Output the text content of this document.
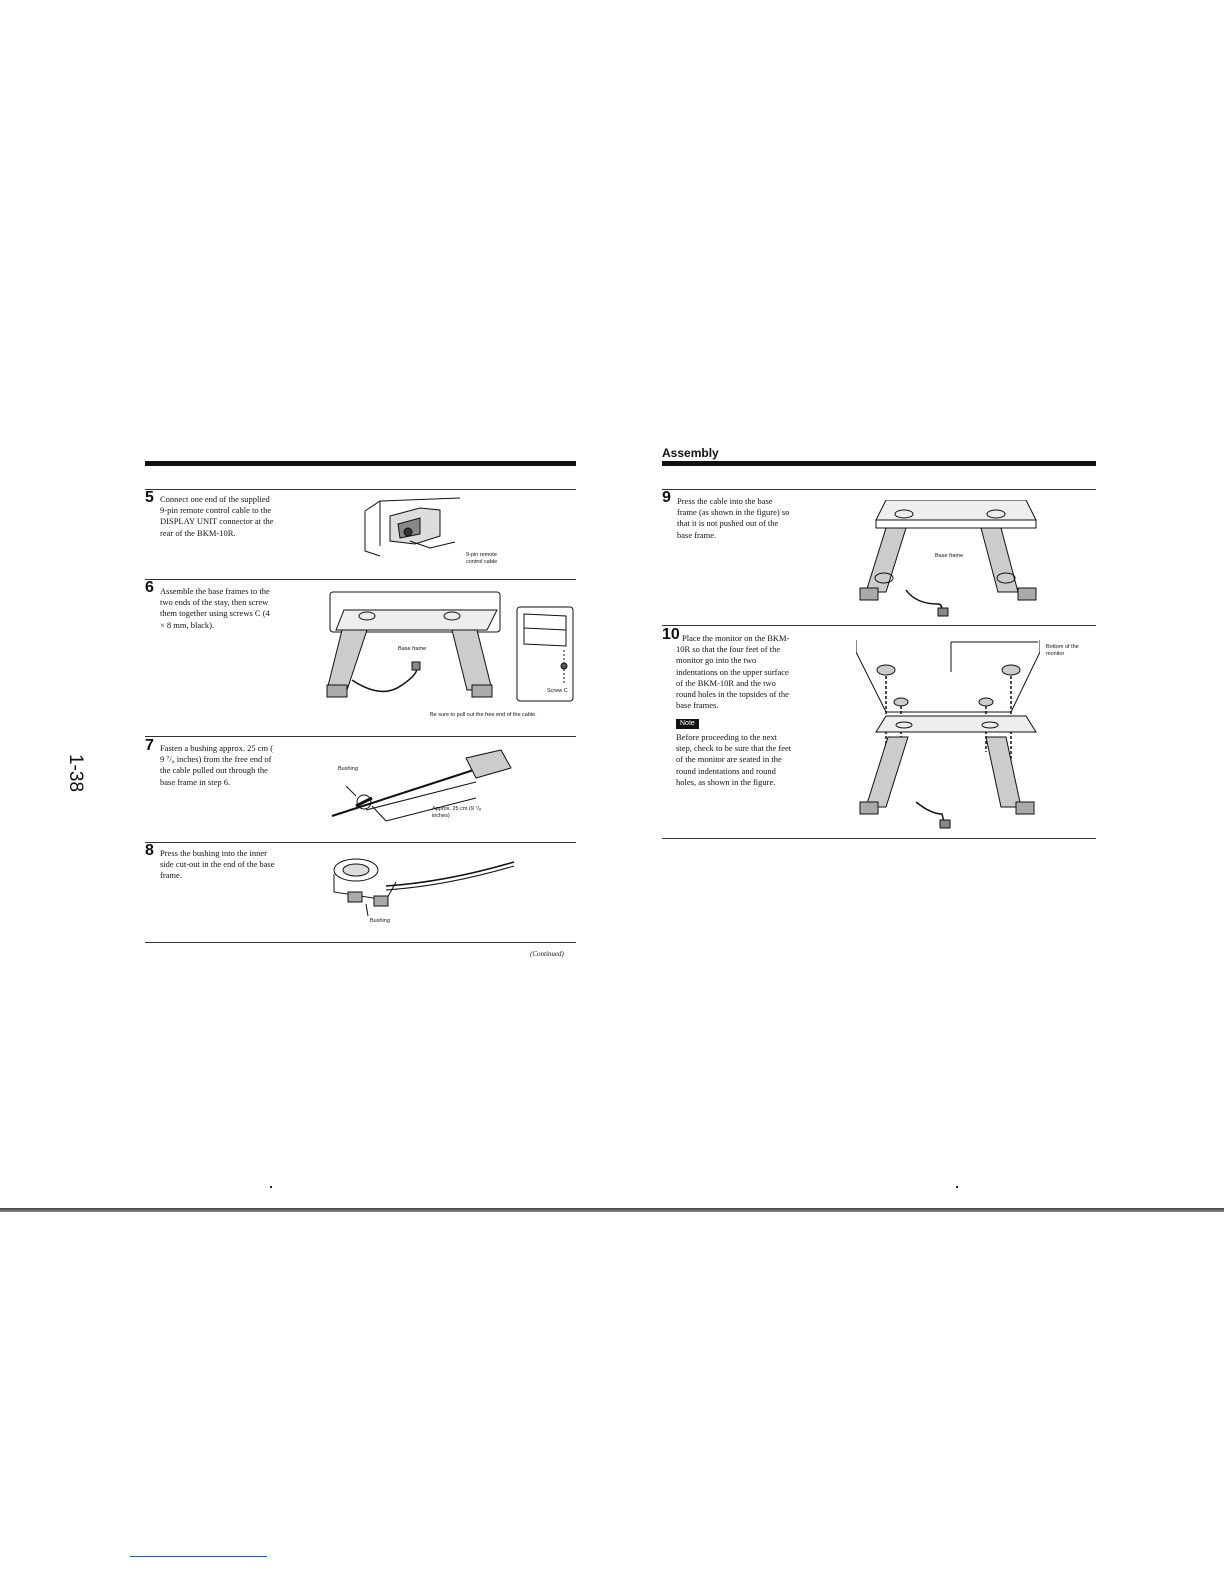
1-38
5 Connect one end of the supplied 9-pin remote control cable to the DISPLAY UNIT connector at the rear of the BKM-10R.
9-pin remote control cable
6 Assemble the base frames to the two ends of the stay, then screw them together using screws C (4 × 8 mm, black).
Base frame
Screw C
Be sure to pull out the free end of the cable.
7 Fasten a bushing approx. 25 cm ( 9 ⁷/₈ inches) from the free end of the cable pulled out through the base frame in step 6.
Bushing
Approx. 25 cm (9 ⁷/₈ inches)
8 Press the bushing into the inner side cut-out in the end of the base frame.
Bushing
(Continued)
Assembly
9 Press the cable into the base frame (as shown in the figure) so that it is not pushed out of the base frame.
Base frame
10 Place the monitor on the BKM-10R so that the four feet of the monitor go into the two indentations on the upper surface of the BKM-10R and the two round holes in the topsides of the base frames.
Note
Before proceeding to the next step, check to be sure that the feet of the monitor are seated in the round indentations and round holes, as shown in the figure.
Bottom of the monitor
